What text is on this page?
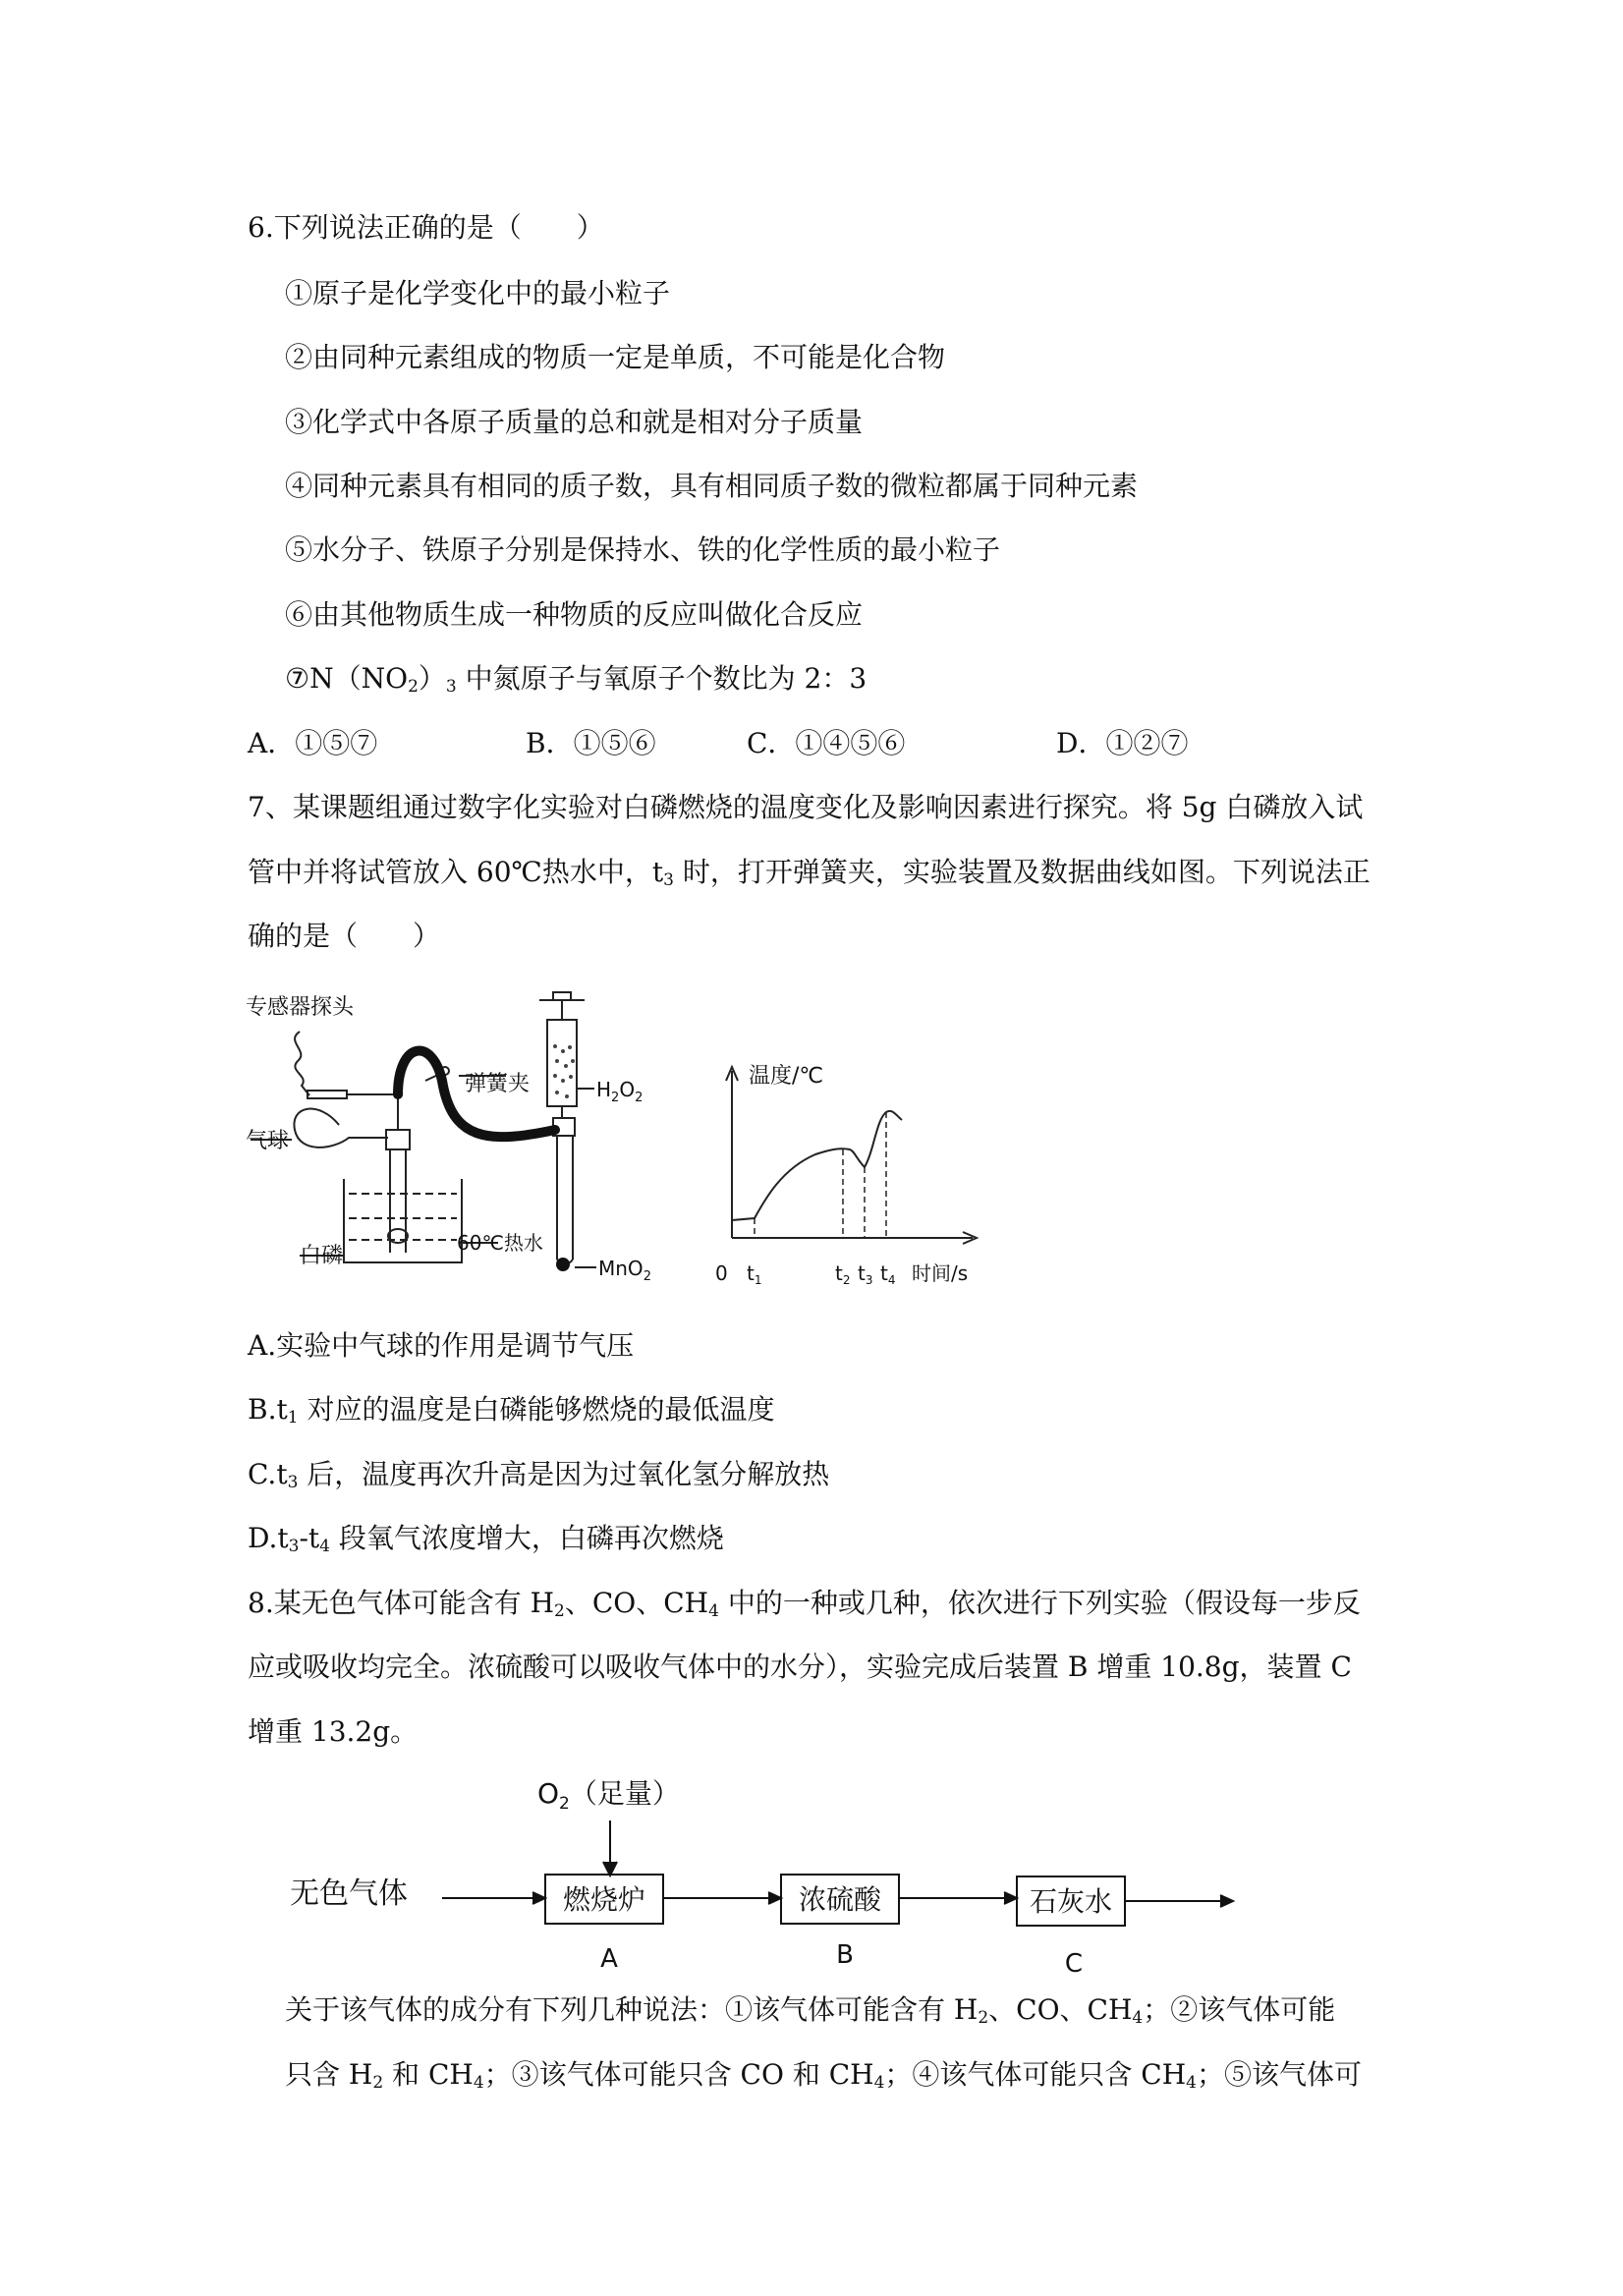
6.下列说法正确的是（　　）
①原子是化学变化中的最小粒子
②由同种元素组成的物质一定是单质，不可能是化合物
③化学式中各原子质量的总和就是相对分子质量
④同种元素具有相同的质子数，具有相同质子数的微粒都属于同种元素
⑤水分子、铁原子分别是保持水、铁的化学性质的最小粒子
⑥由其他物质生成一种物质的反应叫做化合反应
$⑦N(NO_2)_3$ 中氮原子与氧原子个数比为 2：3
A．①⑤⑦	B．①⑤⑥	C．①④⑤⑥	D．①②⑦
7、某课题组通过数字化实验对白磷燃烧的温度变化及影响因素进行探究。将 5g 白磷放入试
管中并将试管放入 60℃热水中，$t_3$ 时，打开弹簧夹，实验装置及数据曲线如图。下列说法正
确的是（　　）
专感器探头
弹簧夹	$H_2O_2$
气球
白磷
60℃热水
MnO$_2$
温度/℃
0 $t_1$	$t_2$ $t_3$ $t_4$ 时间/s
A.实验中气球的作用是调节气压
$B.t_1$ 对应的温度是白磷能够燃烧的最低温度
$C.t_3$ 后，温度再次升高是因为过氧化氢分解放热
$D.t_3-t_4$ 段氧气浓度增大，白磷再次燃烧
8.某无色气体可能含有 $H_2$、CO、$CH_4$ 中的一种或几种，依次进行下列实验（假设每一步反
应或吸收均完全。浓硫酸可以吸收气体中的水分），实验完成后装置 B 增重 10.8g，装置 C
增重 13.2g。
$O_2$（足量）
无色气体	燃烧炉	浓硫酸	石灰水
A	B	C
关于该气体的成分有下列几种说法：①该气体可能含有 $H_2$、CO、$CH_4$；②该气体可能
只含 $H_2$ 和 $CH_4$；③该气体可能只含 CO 和 $CH_4$；④该气体可能只含 $CH_4$；⑤该气体可
